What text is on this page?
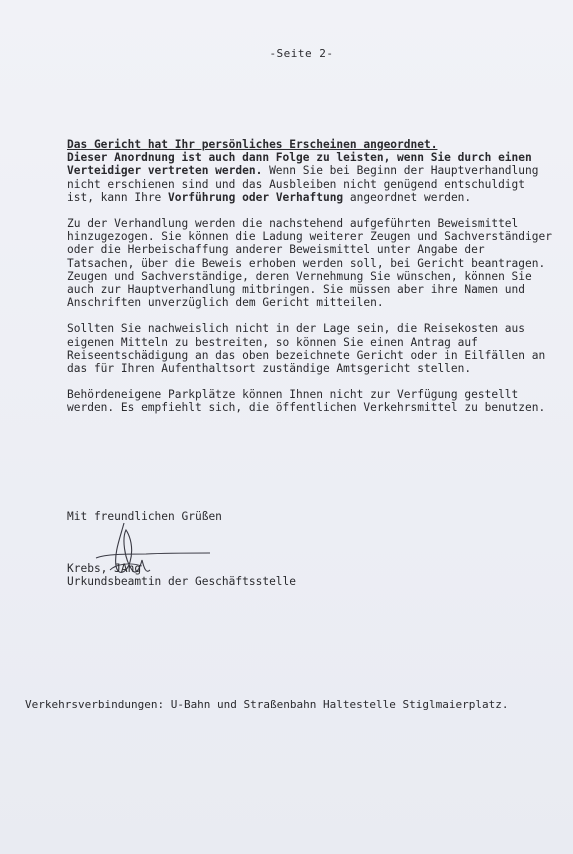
-Seite 2-

Das Gericht hat Ihr persönliches Erscheinen angeordnet.
Dieser Anordnung ist auch dann Folge zu leisten, wenn Sie durch einen Verteidiger vertreten werden. Wenn Sie bei Beginn der Hauptverhandlung nicht erschienen sind und das Ausbleiben nicht genügend entschuldigt ist, kann Ihre Vorführung oder Verhaftung angeordnet werden.

Zu der Verhandlung werden die nachstehend aufgeführten Beweismittel hinzugezogen. Sie können die Ladung weiterer Zeugen und Sachverständiger oder die Herbeischaffung anderer Beweismittel unter Angabe der Tatsachen, über die Beweis erhoben werden soll, bei Gericht beantragen. Zeugen und Sachverständige, deren Vernehmung Sie wünschen, können Sie auch zur Hauptverhandlung mitbringen. Sie müssen aber ihre Namen und Anschriften unverzüglich dem Gericht mitteilen.

Sollten Sie nachweislich nicht in der Lage sein, die Reisekosten aus eigenen Mitteln zu bestreiten, so können Sie einen Antrag auf Reiseentschädigung an das oben bezeichnete Gericht oder in Eilfällen an das für Ihren Aufenthaltsort zuständige Amtsgericht stellen.

Behördeneigene Parkplätze können Ihnen nicht zur Verfügung gestellt werden. Es empfiehlt sich, die öffentlichen Verkehrsmittel zu benutzen.

Mit freundlichen Grüßen

Krebs, JAng
Urkundsbeamtin der Geschäftsstelle
Verkehrsverbindungen: U-Bahn und Straßenbahn Haltestelle Stiglmaierplatz.
